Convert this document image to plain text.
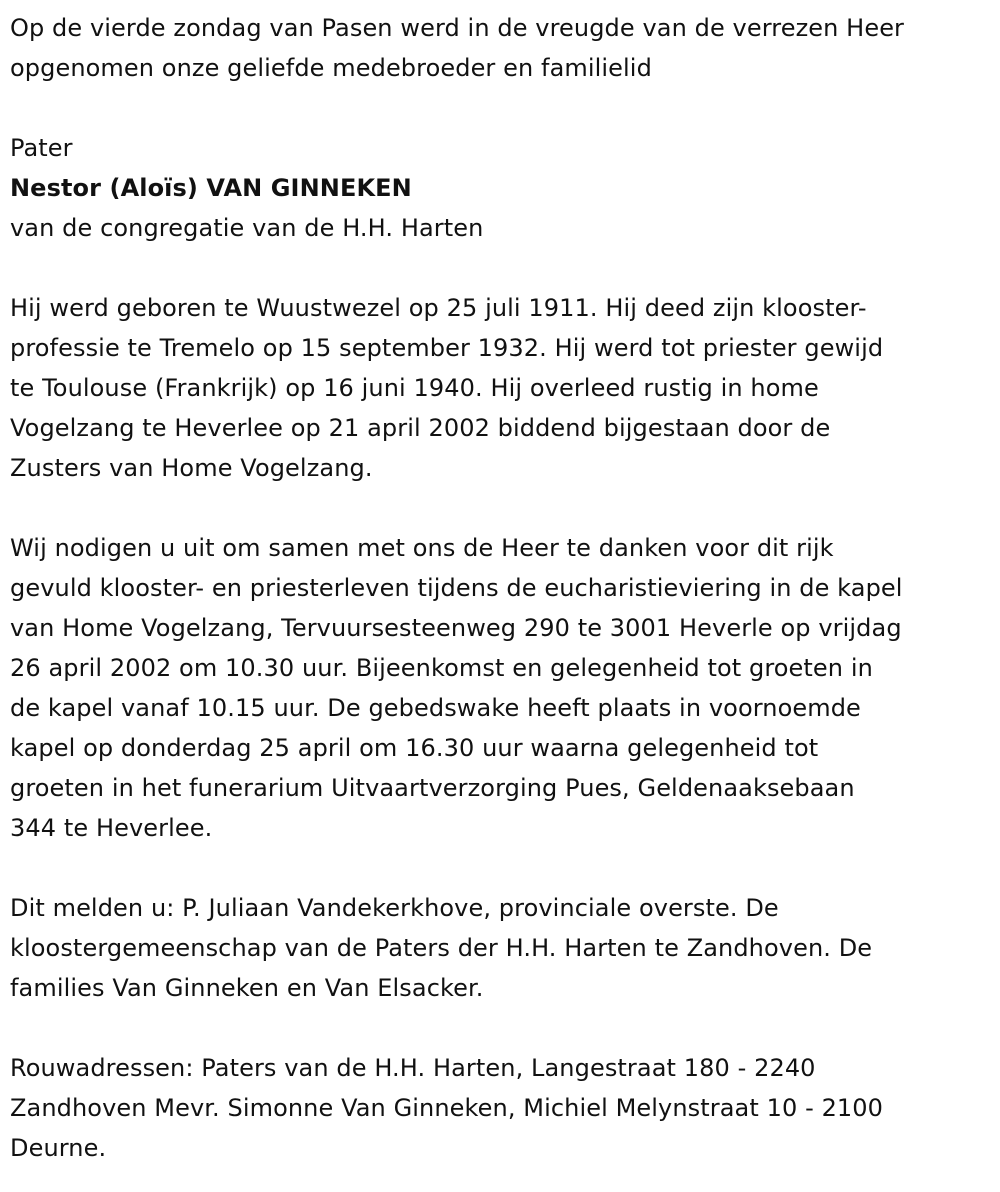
Op de vierde zondag van Pasen werd in de vreugde van de verrezen Heer
opgenomen onze geliefde medebroeder en familielid
Pater
Nestor (Aloïs) VAN GINNEKEN
van de congregatie van de H.H. Harten
Hij werd geboren te Wuustwezel op 25 juli 1911. Hij deed zijn klooster-
professie te Tremelo op 15 september 1932. Hij werd tot priester gewijd
te Toulouse (Frankrijk) op 16 juni 1940. Hij overleed rustig in home
Vogelzang te Heverlee op 21 april 2002 biddend bijgestaan door de
Zusters van Home Vogelzang.
Wij nodigen u uit om samen met ons de Heer te danken voor dit rijk
gevuld klooster- en priesterleven tijdens de eucharistieviering in de kapel
van Home Vogelzang, Tervuursesteenweg 290 te 3001 Heverle op vrijdag
26 april 2002 om 10.30 uur. Bijeenkomst en gelegenheid tot groeten in
de kapel vanaf 10.15 uur. De gebedswake heeft plaats in voornoemde
kapel op donderdag 25 april om 16.30 uur waarna gelegenheid tot
groeten in het funerarium Uitvaartverzorging Pues, Geldenaaksebaan
344 te Heverlee.
Dit melden u: P. Juliaan Vandekerkhove, provinciale overste. De
kloostergemeenschap van de Paters der H.H. Harten te Zandhoven. De
families Van Ginneken en Van Elsacker.
Rouwadressen: Paters van de H.H. Harten, Langestraat 180 - 2240
Zandhoven Mevr. Simonne Van Ginneken, Michiel Melynstraat 10 - 2100
Deurne.
